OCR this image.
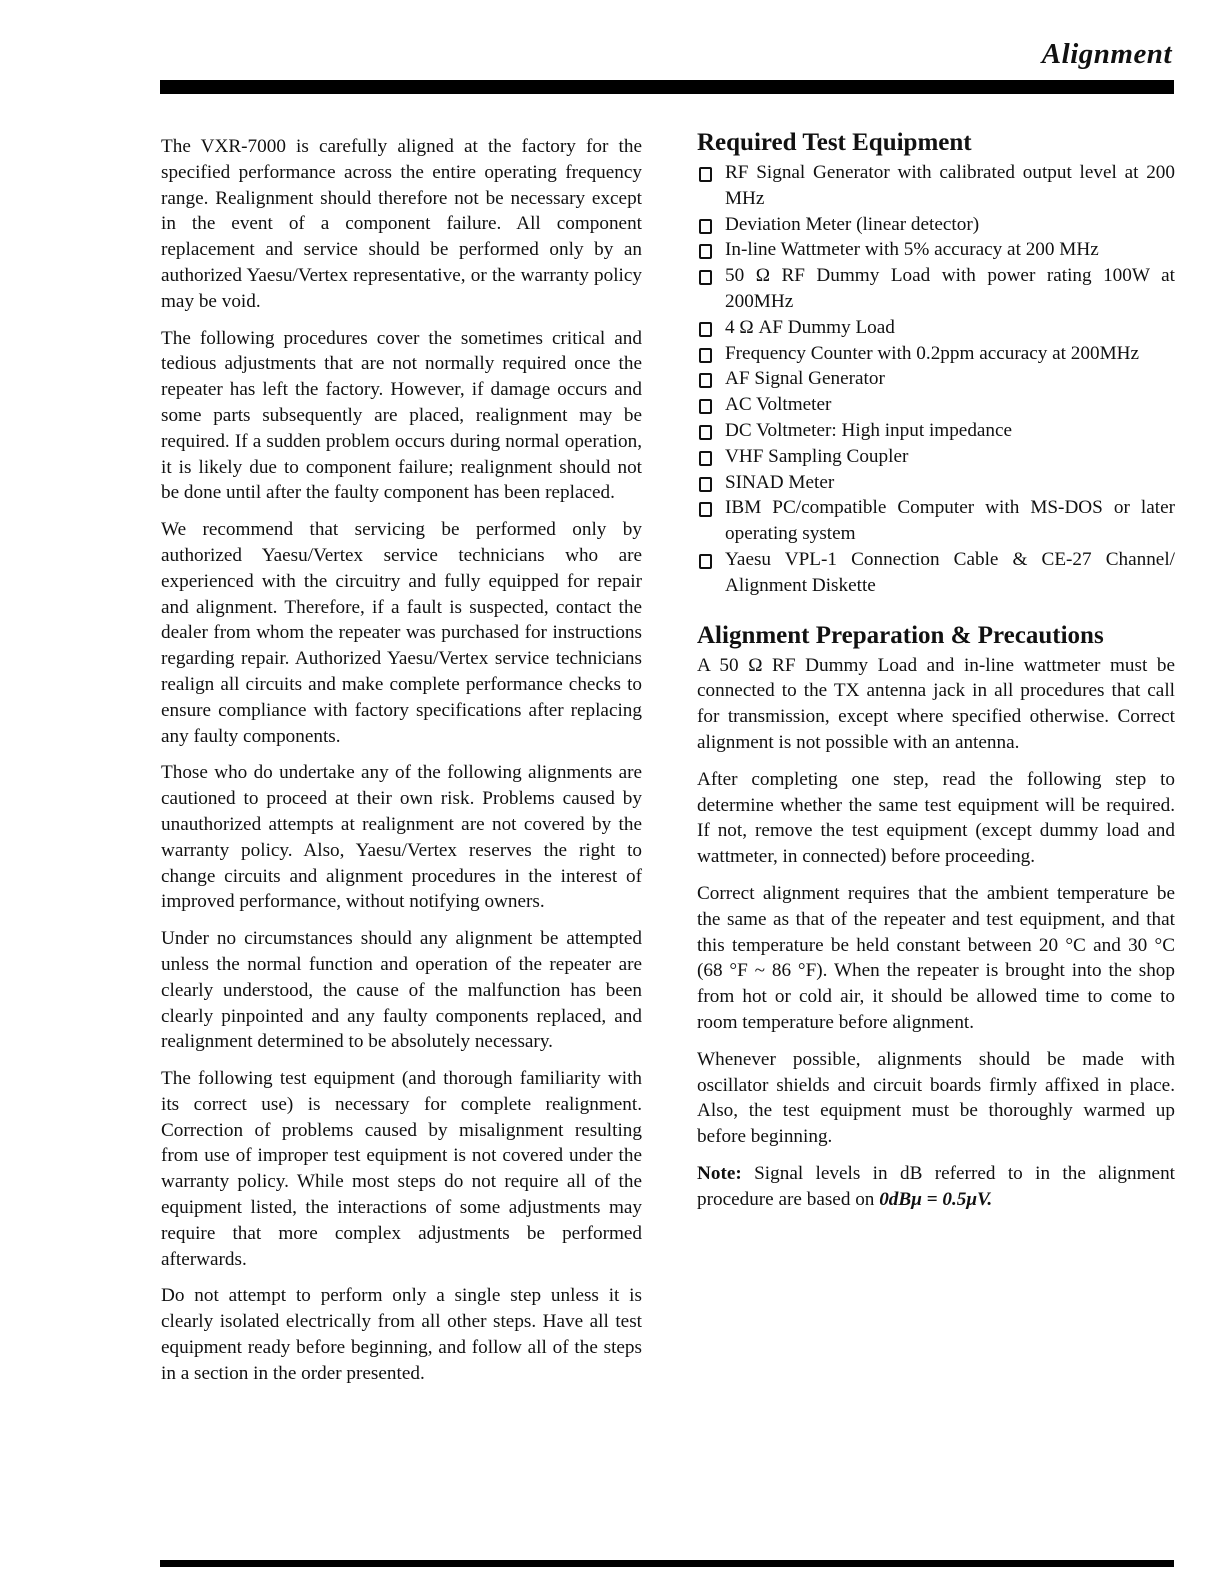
Alignment

The VXR-7000 is carefully aligned at the factory for the specified performance across the entire operating frequency range. Realignment should therefore not be necessary except in the event of a component failure. All component replacement and service should be performed only by an authorized Yaesu/Vertex representative, or the warranty policy may be void.

The following procedures cover the sometimes critical and tedious adjustments that are not normally required once the repeater has left the factory. However, if damage occurs and some parts subsequently are placed, realignment may be required. If a sudden problem occurs during normal operation, it is likely due to component failure; realignment should not be done until after the faulty component has been replaced.

We recommend that servicing be performed only by authorized Yaesu/Vertex service technicians who are experienced with the circuitry and fully equipped for repair and alignment. Therefore, if a fault is suspected, contact the dealer from whom the repeater was purchased for instructions regarding repair. Authorized Yaesu/Vertex service technicians realign all circuits and make complete performance checks to ensure compliance with factory specifications after replacing any faulty components.

Those who do undertake any of the following alignments are cautioned to proceed at their own risk. Problems caused by unauthorized attempts at realignment are not covered by the warranty policy. Also, Yaesu/Vertex reserves the right to change circuits and alignment procedures in the interest of improved performance, without notifying owners.

Under no circumstances should any alignment be attempted unless the normal function and operation of the repeater are clearly understood, the cause of the malfunction has been clearly pinpointed and any faulty components replaced, and realignment determined to be absolutely necessary.

The following test equipment (and thorough familiarity with its correct use) is necessary for complete realignment. Correction of problems caused by misalignment resulting from use of improper test equipment is not covered under the warranty policy. While most steps do not require all of the equipment listed, the interactions of some adjustments may require that more complex adjustments be performed afterwards.

Do not attempt to perform only a single step unless it is clearly isolated electrically from all other steps. Have all test equipment ready before beginning, and follow all of the steps in a section in the order presented.

Required Test Equipment
RF Signal Generator with calibrated output level at 200 MHz
Deviation Meter (linear detector)
In-line Wattmeter with 5% accuracy at 200 MHz
50 Ω RF Dummy Load with power rating 100W at 200MHz
4 Ω AF Dummy Load
Frequency Counter with 0.2ppm accuracy at 200MHz
AF Signal Generator
AC Voltmeter
DC Voltmeter: High input impedance
VHF Sampling Coupler
SINAD Meter
IBM PC/compatible Computer with MS-DOS or later operating system
Yaesu VPL-1 Connection Cable & CE-27 Channel/ Alignment Diskette
Alignment Preparation & Precautions

A 50 Ω RF Dummy Load and in-line wattmeter must be connected to the TX antenna jack in all procedures that call for transmission, except where specified otherwise. Correct alignment is not possible with an antenna.

After completing one step, read the following step to determine whether the same test equipment will be required. If not, remove the test equipment (except dummy load and wattmeter, in connected) before proceeding.

Correct alignment requires that the ambient temperature be the same as that of the repeater and test equipment, and that this temperature be held constant between 20 °C and 30 °C (68 °F ~ 86 °F). When the repeater is brought into the shop from hot or cold air, it should be allowed time to come to room temperature before alignment.

Whenever possible, alignments should be made with oscillator shields and circuit boards firmly affixed in place. Also, the test equipment must be thoroughly warmed up before beginning.

Note: Signal levels in dB referred to in the alignment procedure are based on 0dBμ = 0.5μV.
